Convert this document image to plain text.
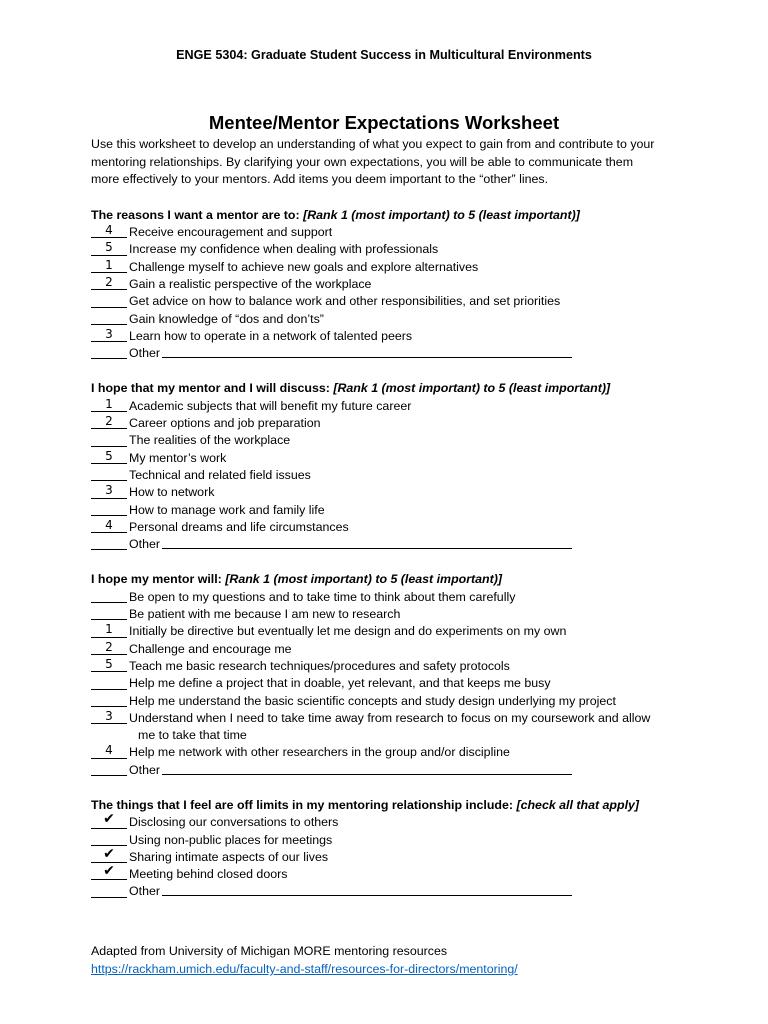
ENGE 5304: Graduate Student Success in Multicultural Environments
Mentee/Mentor Expectations Worksheet

Use this worksheet to develop an understanding of what you expect to gain from and contribute to your
mentoring relationships. By clarifying your own expectations, you will be able to communicate them
more effectively to your mentors. Add items you deem important to the “other” lines.

The reasons I want a mentor are to: [Rank 1 (most important) to 5 (least important)]
4	Receive encouragement and support
5	Increase my confidence when dealing with professionals
1	Challenge myself to achieve new goals and explore alternatives
2	Gain a realistic perspective of the workplace
Get advice on how to balance work and other responsibilities, and set priorities
Gain knowledge of “dos and don’ts”
3	Learn how to operate in a network of talented peers
Other
I hope that my mentor and I will discuss: [Rank 1 (most important) to 5 (least important)]
1	Academic subjects that will benefit my future career
2	Career options and job preparation
The realities of the workplace
5	My mentor’s work
Technical and related field issues
3	How to network
How to manage work and family life
4	Personal dreams and life circumstances
Other
I hope my mentor will: [Rank 1 (most important) to 5 (least important)]
Be open to my questions and to take time to think about them carefully
Be patient with me because I am new to research
1	Initially be directive but eventually let me design and do experiments on my own
2	Challenge and encourage me
5	Teach me basic research techniques/procedures and safety protocols
Help me define a project that in doable, yet relevant, and that keeps me busy
Help me understand the basic scientific concepts and study design underlying my project
3	Understand when I need to take time away from research to focus on my coursework and allow
me to take that time
4	Help me network with other researchers in the group and/or discipline
Other
The things that I feel are off limits in my mentoring relationship include: [check all that apply]
✔	Disclosing our conversations to others
Using non-public places for meetings
✔	Sharing intimate aspects of our lives
✔	Meeting behind closed doors
Other
Adapted from University of Michigan MORE mentoring resources
https://rackham.umich.edu/faculty-and-staff/resources-for-directors/mentoring/
